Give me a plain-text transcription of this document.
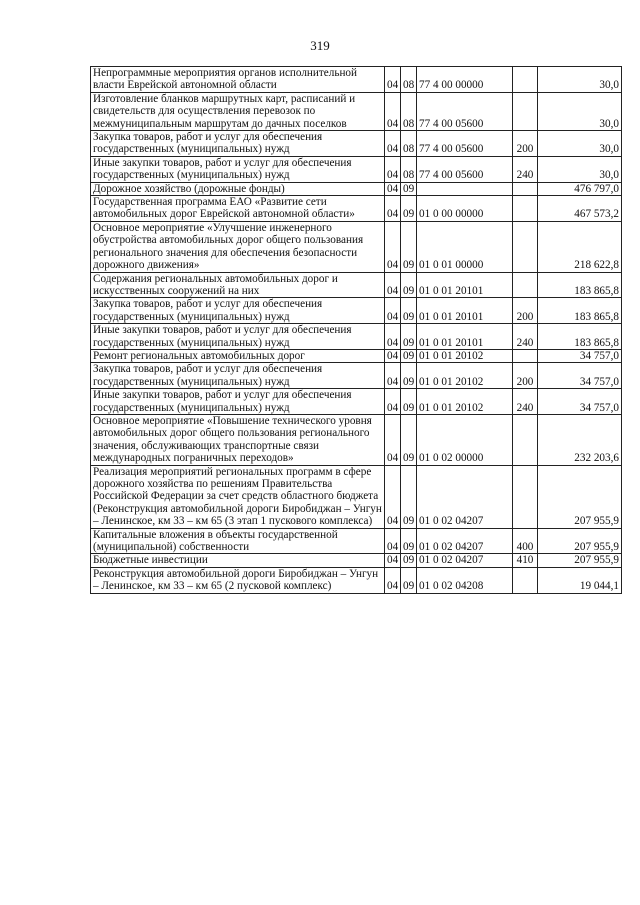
319
Непрограммные мероприятия органов исполнительной власти Еврейской автономной области	04	08	77 4 00 00000		30,0
Изготовление бланков маршрутных карт, расписаний и свидетельств для осуществления перевозок по межмуниципальным маршрутам до дачных поселков	04	08	77 4 00 05600		30,0
Закупка товаров, работ и услуг для обеспечения государственных (муниципальных) нужд	04	08	77 4 00 05600	200	30,0
Иные закупки товаров, работ и услуг для обеспечения государственных (муниципальных) нужд	04	08	77 4 00 05600	240	30,0
Дорожное хозяйство (дорожные фонды)	04	09			476 797,0
Государственная программа ЕАО «Развитие сети автомобильных дорог Еврейской автономной области»	04	09	01 0 00 00000		467 573,2
Основное мероприятие «Улучшение инженерного обустройства автомобильных дорог общего пользования регионального значения для обеспечения безопасности дорожного движения»	04	09	01 0 01 00000		218 622,8
Содержания региональных автомобильных дорог и искусственных сооружений на них	04	09	01 0 01 20101		183 865,8
Закупка товаров, работ и услуг для обеспечения государственных (муниципальных) нужд	04	09	01 0 01 20101	200	183 865,8
Иные закупки товаров, работ и услуг для обеспечения государственных (муниципальных) нужд	04	09	01 0 01 20101	240	183 865,8
Ремонт региональных автомобильных дорог	04	09	01 0 01 20102		34 757,0
Закупка товаров, работ и услуг для обеспечения государственных (муниципальных) нужд	04	09	01 0 01 20102	200	34 757,0
Иные закупки товаров, работ и услуг для обеспечения государственных (муниципальных) нужд	04	09	01 0 01 20102	240	34 757,0
Основное мероприятие «Повышение технического уровня автомобильных дорог общего пользования регионального значения, обслуживающих транспортные связи международных пограничных переходов»	04	09	01 0 02 00000		232 203,6
Реализация мероприятий региональных программ в сфере дорожного хозяйства по решениям Правительства Российской Федерации за счет средств областного бюджета (Реконструкция автомобильной дороги Биробиджан – Унгун – Ленинское, км 33 – км 65 (3 этап 1 пускового комплекса)	04	09	01 0 02 04207		207 955,9
Капитальные вложения в объекты государственной (муниципальной) собственности	04	09	01 0 02 04207	400	207 955,9
Бюджетные инвестиции	04	09	01 0 02 04207	410	207 955,9
Реконструкция автомобильной дороги Биробиджан – Унгун – Ленинское, км 33 – км 65 (2 пусковой комплекс)	04	09	01 0 02 04208		19 044,1
